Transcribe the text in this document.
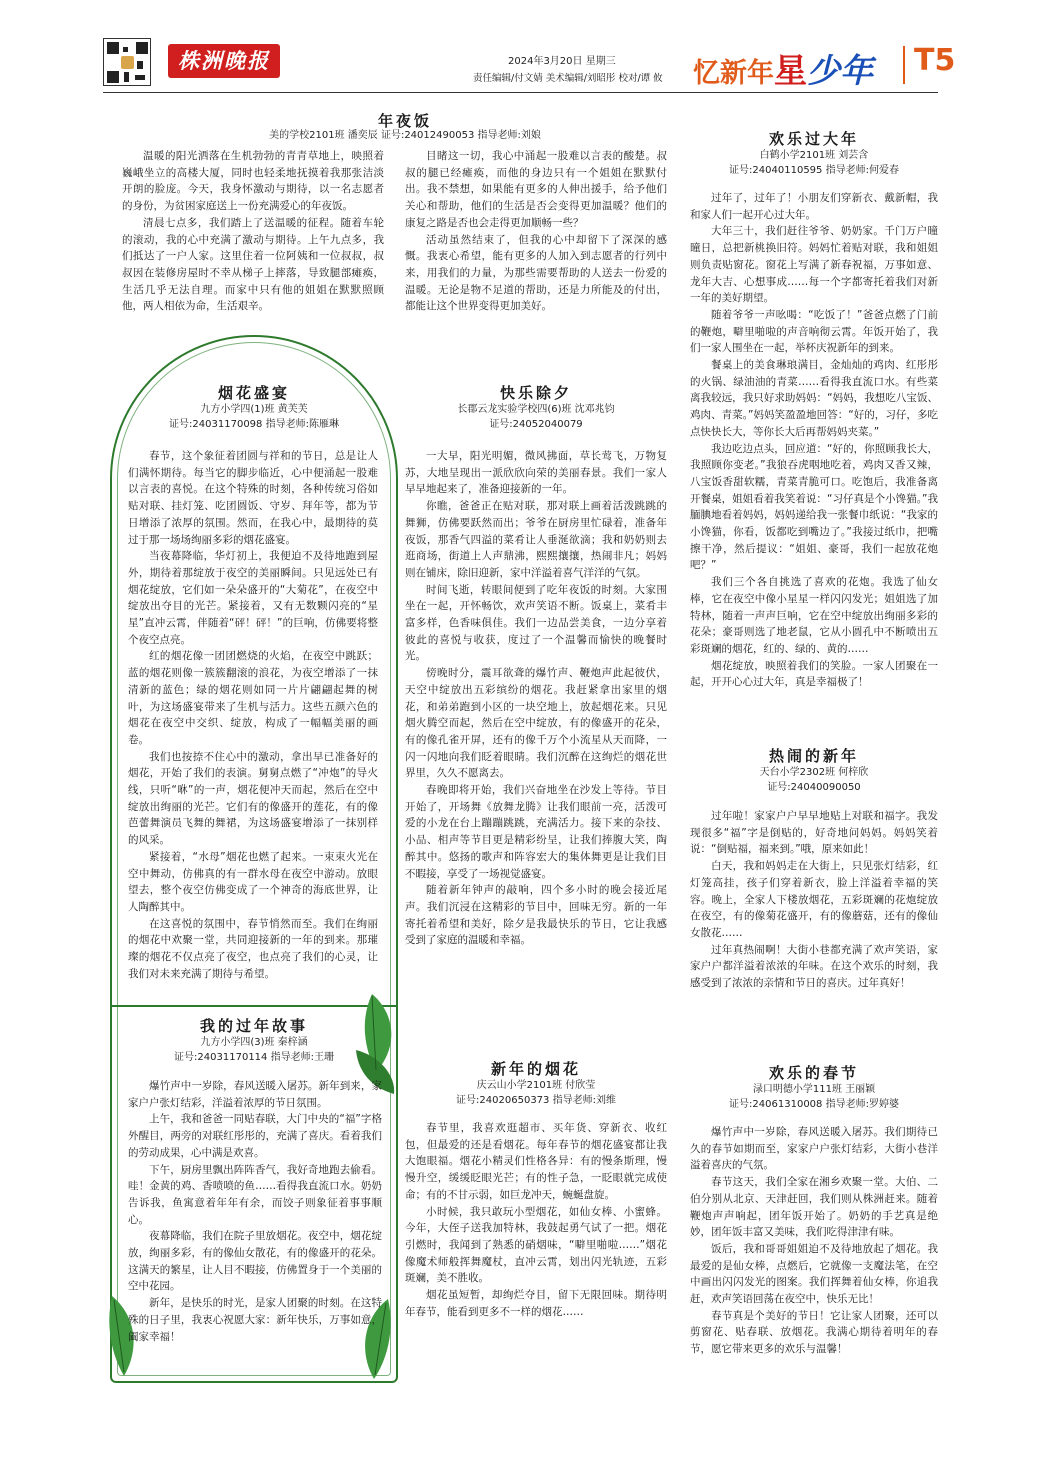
株洲晚报	2024年3月20日 星期三
责任编辑/付文婧 美术编辑/刘昭彤 校对/谭 攸 忆新年星少年 T5
年夜饭
美的学校2101班 潘奕辰 证号:24012490053 指导老师:刘娘

温暖的阳光洒落在生机勃勃的青青草地上，映照着巍峨坐立的高楼大厦，同时也轻柔地抚摸着我那张洁淡开朗的脸庞。今天，我身怀激动与期待，以一名志愿者的身份，为贫困家庭送上一份充满爱心的年夜饭。

清晨七点多，我们踏上了送温暖的征程。随着车轮的滚动，我的心中充满了激动与期待。上午九点多，我们抵达了一户人家。这里住着一位阿姨和一位叔叔，叔叔因在装修房屋时不幸从梯子上摔落，导致腿部瘫痪，生活几乎无法自理。而家中只有他的姐姐在默默照顾他，两人相依为命，生活艰辛。

目睹这一切，我心中涌起一股难以言表的酸楚。叔叔的腿已经瘫痪，而他的身边只有一个姐姐在默默付出。我不禁想，如果能有更多的人伸出援手，给予他们关心和帮助，他们的生活是否会变得更加温暖？他们的康复之路是否也会走得更加顺畅一些？

活动虽然结束了，但我的心中却留下了深深的感慨。我衷心希望，能有更多的人加入到志愿者的行列中来，用我们的力量，为那些需要帮助的人送去一份爱的温暖。无论是物不足道的帮助，还是力所能及的付出，都能让这个世界变得更加美好。

烟花盛宴
九方小学四(1)班 黄芙芙
证号:24031170098 指导老师:陈雁琳

春节，这个象征着团圆与祥和的节日，总是让人们满怀期待。每当它的脚步临近，心中便涌起一股难以言表的喜悦。在这个特殊的时刻，各种传统习俗如贴对联、挂灯笼、吃团圆饭、守岁、拜年等，都为节日增添了浓厚的氛围。然而，在我心中，最期待的莫过于那一场场绚丽多彩的烟花盛宴。

当夜幕降临，华灯初上，我便迫不及待地跑到屋外，期待着那绽放于夜空的美丽瞬间。只见远处已有烟花绽放，它们如一朵朵盛开的“大菊花”，在夜空中绽放出夺目的光芒。紧接着，又有无数颗闪亮的“星星”直冲云霄，伴随着“砰！砰！”的巨响，仿佛要将整个夜空点亮。

红的烟花像一团团燃烧的火焰，在夜空中跳跃；蓝的烟花则像一簇簇翻滚的浪花，为夜空增添了一抹清新的蓝色；绿的烟花则如同一片片翩翩起舞的树叶，为这场盛宴带来了生机与活力。这些五颜六色的烟花在夜空中交织、绽放，构成了一幅幅美丽的画卷。

我们也按捺不住心中的激动，拿出早已准备好的烟花，开始了我们的表演。舅舅点燃了“冲炮”的导火线，只听“咻”的一声，烟花便冲天而起，然后在空中绽放出绚丽的光芒。它们有的像盛开的莲花，有的像芭蕾舞演员飞舞的舞裙，为这场盛宴增添了一抹别样的风采。

紧接着，“水母”烟花也燃了起来。一束束火光在空中舞动，仿佛真的有一群水母在夜空中游动。放眼望去，整个夜空仿佛变成了一个神奇的海底世界，让人陶醉其中。

在这喜悦的氛围中，春节悄然而至。我们在绚丽的烟花中欢聚一堂，共同迎接新的一年的到来。那璀璨的烟花不仅点亮了夜空，也点亮了我们的心灵，让我们对未来充满了期待与希望。

我的过年故事
九方小学四(3)班 秦梓涵
证号:24031170114 指导老师:王珊

爆竹声中一岁除，春风送暖入屠苏。新年到来，家家户户张灯结彩，洋溢着浓厚的节日氛围。

上午，我和爸爸一同贴春联，大门中央的“福”字格外醒目，两旁的对联红彤彤的，充满了喜庆。看着我们的劳动成果，心中满是欢喜。

下午，厨房里飘出阵阵香气，我好奇地跑去偷看。哇！金黄的鸡、香喷喷的鱼……看得我直流口水。奶奶告诉我，鱼寓意着年年有余，而饺子则象征着事事顺心。

夜幕降临，我们在院子里放烟花。夜空中，烟花绽放，绚丽多彩，有的像仙女散花，有的像盛开的花朵。这满天的繁星，让人目不暇接，仿佛置身于一个美丽的空中花园。

新年，是快乐的时光，是家人团聚的时刻。在这特殊的日子里，我衷心祝愿大家：新年快乐，万事如意，阖家幸福！

快乐除夕
长郡云龙实验学校四(6)班 沈邓兆钧
证号:24052040079

一大早，阳光明媚，微风拂面，草长莺飞，万物复苏，大地呈现出一派欣欣向荣的美丽春景。我们一家人早早地起来了，准备迎接新的一年。

你瞧，爸爸正在贴对联，那对联上画着活泼跳跳的舞狮，仿佛要跃然而出；爷爷在厨房里忙碌着，准备年夜饭，那香气四溢的菜肴让人垂涎欲滴；我和奶奶则去逛商场，街道上人声鼎沸，熙熙攘攘，热闹非凡；妈妈则在铺床，除旧迎新，家中洋溢着喜气洋洋的气氛。

时间飞逝，转眼间便到了吃年夜饭的时刻。大家围坐在一起，开怀畅饮，欢声笑语不断。饭桌上，菜肴丰富多样，色香味俱佳。我们一边品尝美食，一边分享着彼此的喜悦与收获，度过了一个温馨而愉快的晚餐时光。

傍晚时分，震耳欲聋的爆竹声、鞭炮声此起彼伏，天空中绽放出五彩缤纷的烟花。我赶紧拿出家里的烟花，和弟弟跑到小区的一块空地上，放起烟花来。只见烟火腾空而起，然后在空中绽放，有的像盛开的花朵，有的像孔雀开屏，还有的像千万个小流星从天而降，一闪一闪地向我们眨着眼睛。我们沉醉在这绚烂的烟花世界里，久久不愿离去。

春晚即将开始，我们兴奋地坐在沙发上等待。节目开始了，开场舞《放舞龙腾》让我们眼前一亮，活泼可爱的小龙在台上蹦蹦跳跳，充满活力。接下来的杂技、小品、相声等节目更是精彩纷呈，让我们捧腹大笑，陶醉其中。悠扬的歌声和阵容宏大的集体舞更是让我们目不暇接，享受了一场视觉盛宴。

随着新年钟声的敲响，四个多小时的晚会接近尾声。我们沉浸在这精彩的节目中，回味无穷。新的一年寄托着希望和美好，除夕是我最快乐的节日，它让我感受到了家庭的温暖和幸福。

新年的烟花
庆云山小学2101班 付欣莹
证号:24020650373 指导老师:刘维

春节里，我喜欢逛超市、买年货、穿新衣、收红包，但最爱的还是看烟花。每年春节的烟花盛宴都让我大饱眼福。烟花小精灵们性格各异：有的慢条斯理，慢慢升空，缓缓眨眼光芒；有的性子急，一眨眼就完成使命；有的不甘示弱，如巨龙冲天，蜿蜒盘旋。

小时候，我只敢玩小型烟花，如仙女棒、小蜜蜂。今年，大侄子送我加特林，我鼓起勇气试了一把。烟花引燃时，我闻到了熟悉的硝烟味，“噼里啪啦……”烟花像魔术师般挥舞魔杖，直冲云霄，划出闪光轨迹，五彩斑斓，美不胜收。

烟花虽短暂，却绚烂夺目，留下无限回味。期待明年春节，能看到更多不一样的烟花……

欢乐过大年
白鹤小学2101班 刘芸含
证号:24040110595 指导老师:何爱春

过年了，过年了！小朋友们穿新衣、戴新帽，我和家人们一起开心过大年。

大年三十，我们赶往爷爷、奶奶家。千门万户曈曈日，总把新桃换旧符。妈妈忙着贴对联，我和姐姐则负责贴窗花。窗花上写满了新春祝福，万事如意、龙年大吉、心想事成……每一个字都寄托着我们对新一年的美好期望。

随着爷爷一声吆喝：“吃饭了！”爸爸点燃了门前的鞭炮，噼里啪啦的声音响彻云霄。年饭开始了，我们一家人围坐在一起，举杯庆祝新年的到来。

餐桌上的美食琳琅满目，金灿灿的鸡肉、红彤彤的火锅、绿油油的青菜……看得我直流口水。有些菜离我较远，我只好求助妈妈：“妈妈，我想吃八宝饭、鸡肉、青菜。”妈妈笑盈盈地回答：“好的，习仔，多吃点快快长大，等你长大后再帮妈妈夹菜。”

我边吃边点头，回应道：“好的，你照顾我长大，我照顾你变老。”我狼吞虎咽地吃着，鸡肉又香又辣，八宝饭香甜软糯，青菜青脆可口。吃饱后，我准备离开餐桌，姐姐看着我笑着说：“习仔真是个小馋猫。”我腼腆地看着妈妈，妈妈递给我一张餐巾纸说：“我家的小馋猫，你看，饭都吃到嘴边了。”我接过纸巾，把嘴擦干净，然后提议：“姐姐、豪哥，我们一起放花炮吧？”

我们三个各自挑选了喜欢的花炮。我选了仙女棒，它在夜空中像小星星一样闪闪发光；姐姐选了加特林，随着一声声巨响，它在空中绽放出绚丽多彩的花朵；豪哥则选了地老鼠，它从小圆孔中不断喷出五彩斑斓的烟花，红的、绿的、黄的……

烟花绽放，映照着我们的笑脸。一家人团聚在一起，开开心心过大年，真是幸福极了！

热闹的新年
天台小学2302班 何梓欣
证号:24040090050

过年啦！家家户户早早地贴上对联和福字。我发现很多“福”字是倒贴的，好奇地问妈妈。妈妈笑着说：“倒贴福，福来到。”哦，原来如此！

白天，我和妈妈走在大街上，只见张灯结彩，红灯笼高挂，孩子们穿着新衣，脸上洋溢着幸福的笑容。晚上，全家人下楼放烟花，五彩斑斓的花炮绽放在夜空，有的像菊花盛开，有的像蘑菇，还有的像仙女散花……

过年真热闹啊！大街小巷都充满了欢声笑语，家家户户都洋溢着浓浓的年味。在这个欢乐的时刻，我感受到了浓浓的亲情和节日的喜庆。过年真好！

欢乐的春节
渌口明德小学111班 王丽颖
证号:24061310008 指导老师:罗婷婆

爆竹声中一岁除，春风送暖入屠苏。我们期待已久的春节如期而至，家家户户张灯结彩，大街小巷洋溢着喜庆的气氛。

春节这天，我们全家在湘乡欢聚一堂。大伯、二伯分别从北京、天津赶回，我们则从株洲赶来。随着鞭炮声声响起，团年饭开始了。奶奶的手艺真是绝妙，团年饭丰富又美味，我们吃得津津有味。

饭后，我和哥哥姐姐迫不及待地放起了烟花。我最爱的是仙女棒，点燃后，它就像一支魔法笔，在空中画出闪闪发光的图案。我们挥舞着仙女棒，你追我赶，欢声笑语回荡在夜空中，快乐无比！

春节真是个美好的节日！它让家人团聚，还可以剪窗花、贴春联、放烟花。我满心期待着明年的春节，愿它带来更多的欢乐与温馨！
